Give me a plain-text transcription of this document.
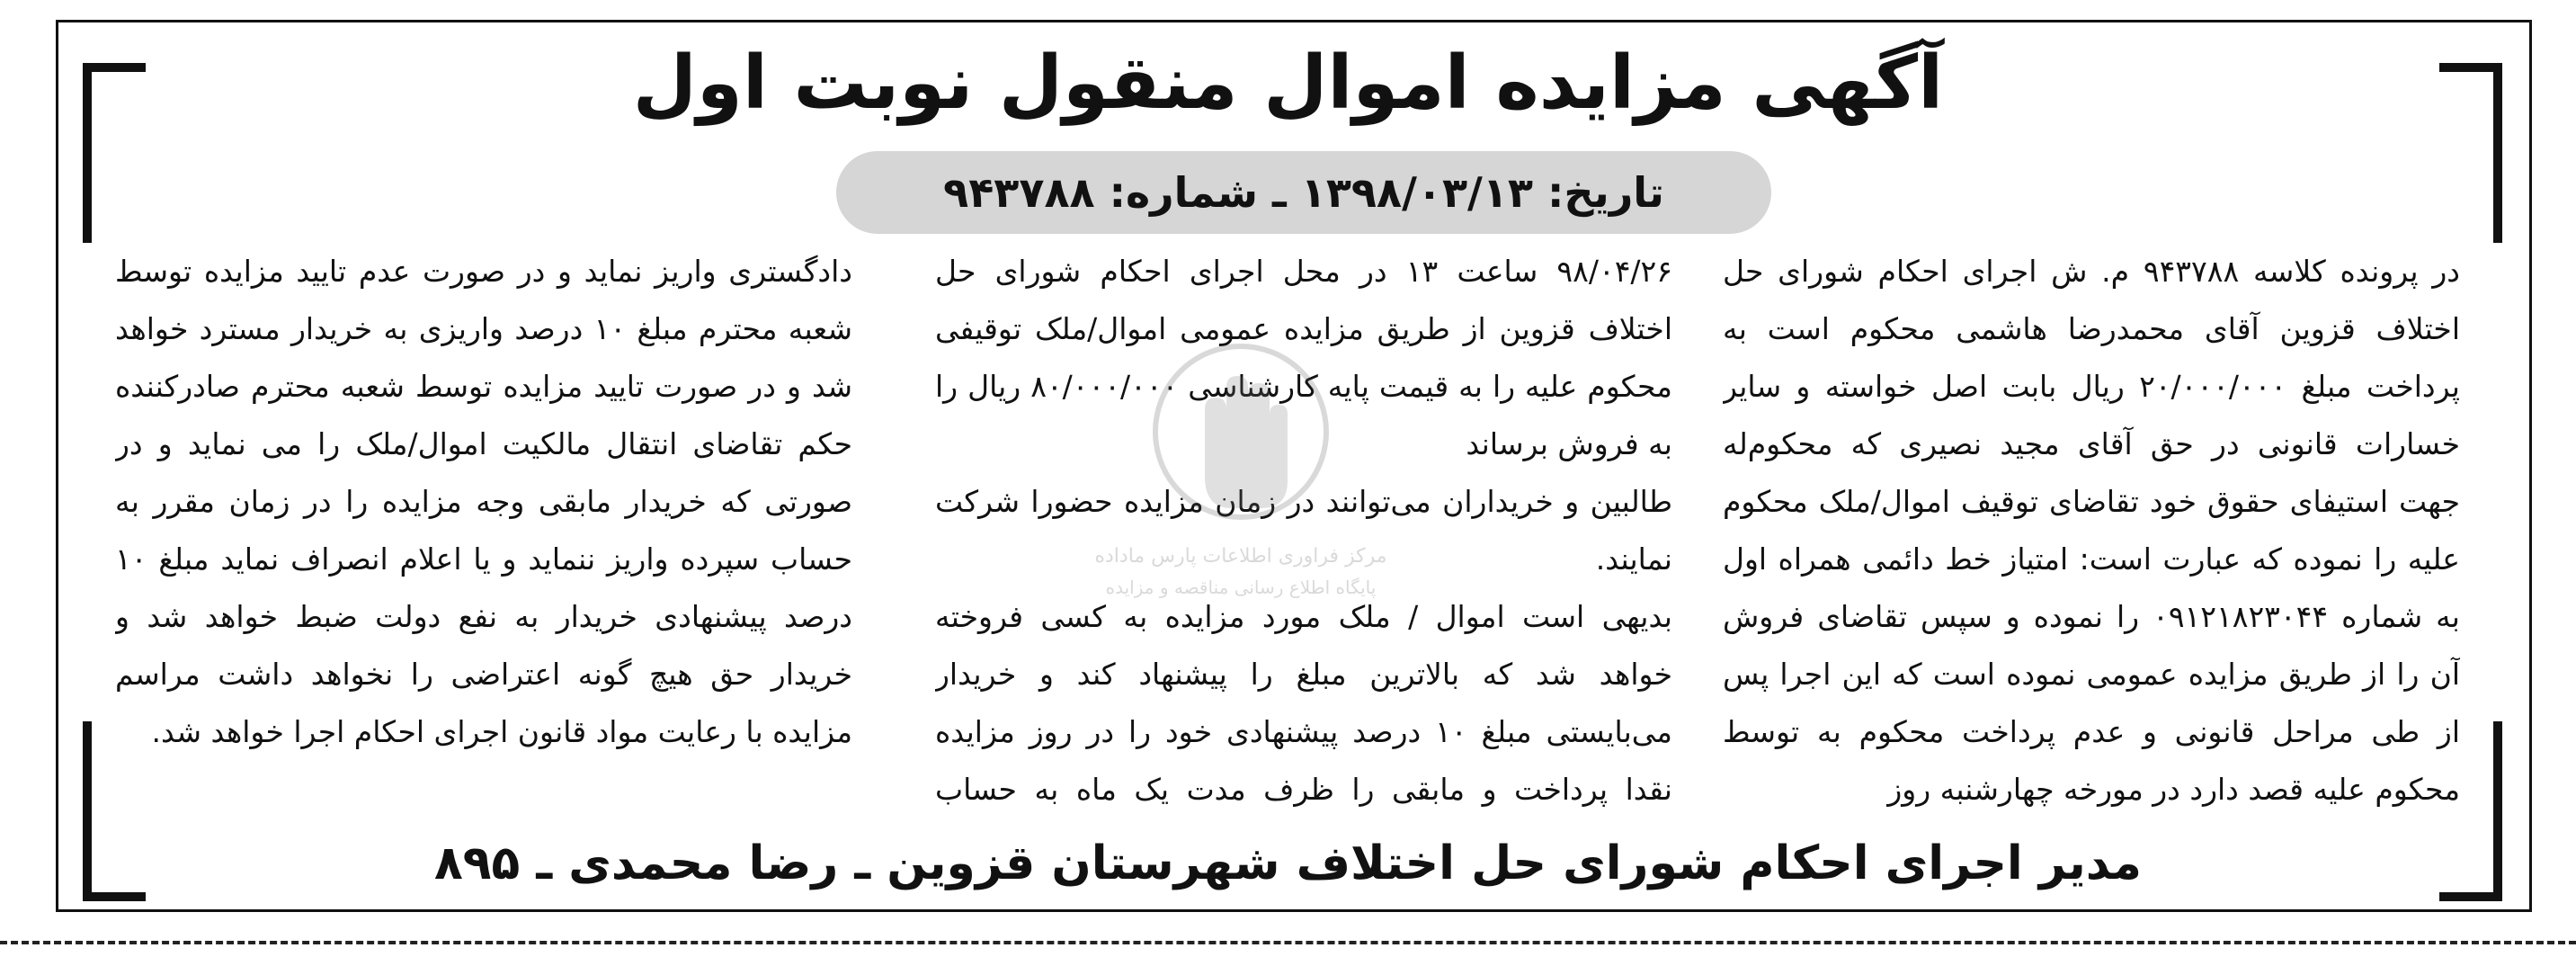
آگهی مزایده اموال منقول نوبت اول
تاریخ: ۱۳۹۸/۰۳/۱۳ ـ شماره: ۹۴۳۷۸۸

در پرونده کلاسه ۹۴۳۷۸۸ م. ش اجرای احکام شورای حل اختلاف قزوین آقای محمدرضا هاشمی محکوم است به پرداخت مبلغ ۲۰/۰۰۰/۰۰۰ ریال بابت اصل خواسته و سایر خسارات قانونی در حق آقای مجید نصیری که محکوم‌له جهت استیفای حقوق خود تقاضای توقیف اموال/ملک محکوم علیه را نموده که عبارت است: امتیاز خط دائمی همراه اول به شماره ۰۹۱۲۱۸۲۳۰۴۴ را نموده و سپس تقاضای فروش آن را از طریق مزایده عمومی نموده است که این اجرا پس از طی مراحل قانونی و عدم پرداخت محکوم به توسط محکوم علیه قصد دارد در مورخه چهارشنبه روز

۹۸/۰۴/۲۶ ساعت ۱۳ در محل اجرای احکام شورای حل اختلاف قزوین از طریق مزایده عمومی اموال/ملک توقیفی محکوم علیه را به قیمت پایه کارشناسی ۸۰/۰۰۰/۰۰۰ ریال را به فروش برساند

طالبین و خریداران می‌توانند در زمان مزایده حضورا شرکت نمایند.

بدیهی است اموال / ملک مورد مزایده به کسی فروخته خواهد شد که بالاترین مبلغ را پیشنهاد کند و خریدار می‌بایستی مبلغ ۱۰ درصد پیشنهادی خود را در روز مزایده نقدا پرداخت و مابقی را ظرف مدت یک ماه به حساب

دادگستری واریز نماید و در صورت عدم تایید مزایده توسط شعبه محترم مبلغ ۱۰ درصد واریزی به خریدار مسترد خواهد شد و در صورت تایید مزایده توسط شعبه محترم صادرکننده حکم تقاضای انتقال مالکیت اموال/ملک را می نماید و در صورتی که خریدار مابقی وجه مزایده را در زمان مقرر به حساب سپرده واریز ننماید و یا اعلام انصراف نماید مبلغ ۱۰ درصد پیشنهادی خریدار به نفع دولت ضبط خواهد شد و خریدار حق هیچ گونه اعتراضی را نخواهد داشت مراسم مزایده با رعایت مواد قانون اجرای احکام اجرا خواهد شد.

مرکز فراوری اطلاعات پارس ماداده
پایگاه اطلاع رسانی مناقصه و مزایده
مدیر اجرای احکام شورای حل اختلاف شهرستان قزوین ـ رضا محمدی ـ ۸۹۵
